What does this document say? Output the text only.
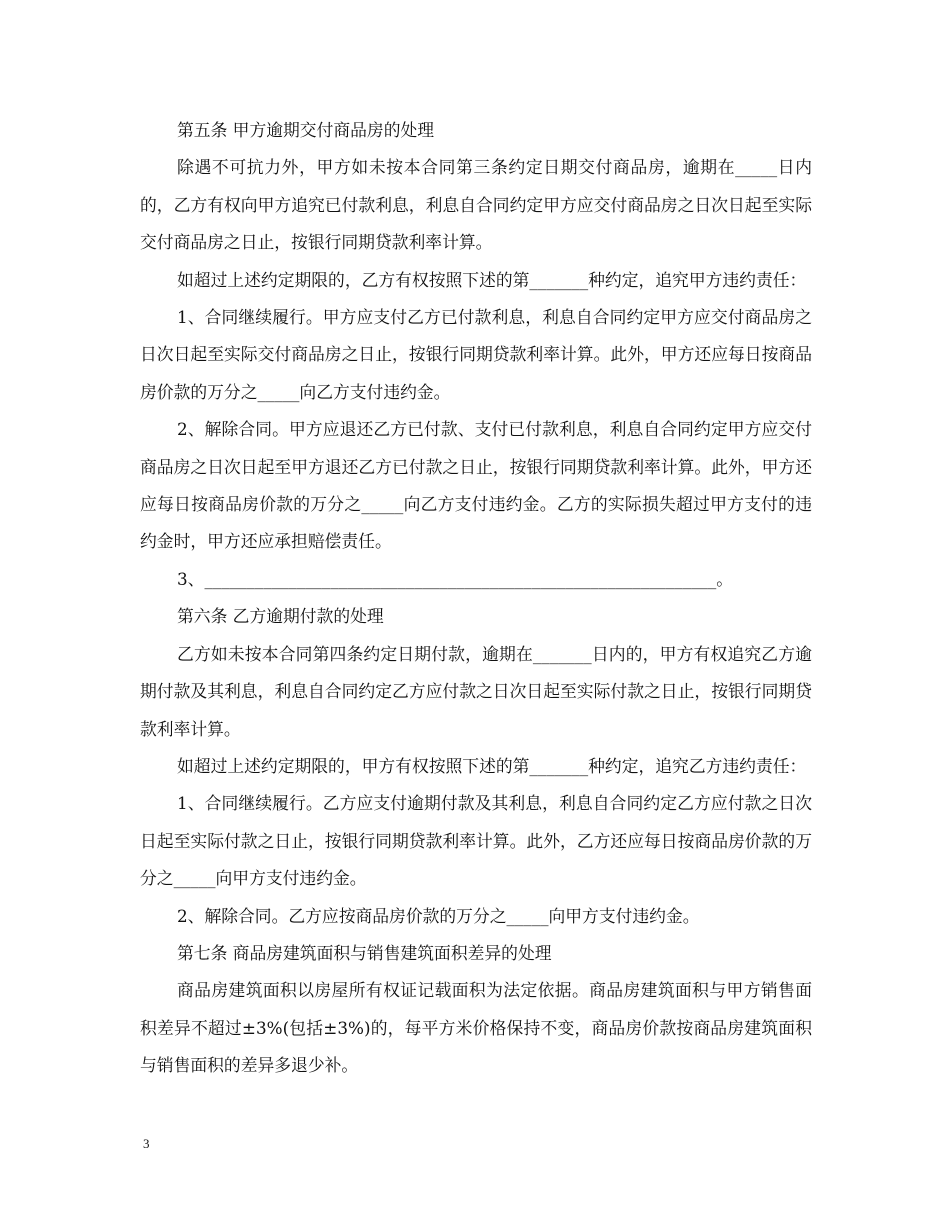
第五条 甲方逾期交付商品房的处理

除遇不可抗力外，甲方如未按本合同第三条约定日期交付商品房，逾期在_____日内的，乙方有权向甲方追究已付款利息，利息自合同约定甲方应交付商品房之日次日起至实际交付商品房之日止，按银行同期贷款利率计算。

如超过上述约定期限的，乙方有权按照下述的第_______种约定，追究甲方违约责任：

1、合同继续履行。甲方应支付乙方已付款利息，利息自合同约定甲方应交付商品房之日次日起至实际交付商品房之日止，按银行同期贷款利率计算。此外，甲方还应每日按商品房价款的万分之_____向乙方支付违约金。

2、解除合同。甲方应退还乙方已付款、支付已付款利息，利息自合同约定甲方应交付商品房之日次日起至甲方退还乙方已付款之日止，按银行同期贷款利率计算。此外，甲方还应每日按商品房价款的万分之_____向乙方支付违约金。乙方的实际损失超过甲方支付的违约金时，甲方还应承担赔偿责任。

3、_____________________________________________________________。

第六条 乙方逾期付款的处理

乙方如未按本合同第四条约定日期付款，逾期在_______日内的，甲方有权追究乙方逾期付款及其利息，利息自合同约定乙方应付款之日次日起至实际付款之日止，按银行同期贷款利率计算。

如超过上述约定期限的，甲方有权按照下述的第_______种约定，追究乙方违约责任：

1、合同继续履行。乙方应支付逾期付款及其利息，利息自合同约定乙方应付款之日次日起至实际付款之日止，按银行同期贷款利率计算。此外，乙方还应每日按商品房价款的万分之_____向甲方支付违约金。

2、解除合同。乙方应按商品房价款的万分之_____向甲方支付违约金。

第七条 商品房建筑面积与销售建筑面积差异的处理

商品房建筑面积以房屋所有权证记载面积为法定依据。商品房建筑面积与甲方销售面积差异不超过±3%(包括±3%)的，每平方米价格保持不变，商品房价款按商品房建筑面积与销售面积的差异多退少补。

3
